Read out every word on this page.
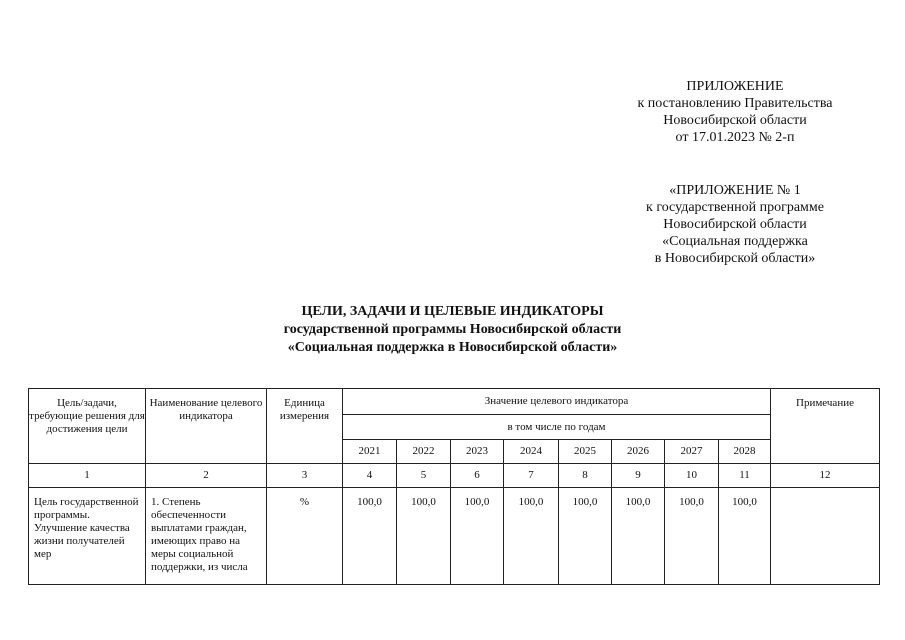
ПРИЛОЖЕНИЕ
к постановлению Правительства
Новосибирской области
от 17.01.2023 № 2-п
«ПРИЛОЖЕНИЕ № 1
к государственной программе
Новосибирской области
«Социальная поддержка
в Новосибирской области»
ЦЕЛИ, ЗАДАЧИ И ЦЕЛЕВЫЕ ИНДИКАТОРЫ
государственной программы Новосибирской области
«Социальная поддержка в Новосибирской области»
Цель/задачи, требующие решения для достижения цели	Наименование целевого индикатора	Единица измерения	Значение целевого индикатора								Примечание
			в том числе по годам								
			2021	2022	2023	2024	2025	2026	2027	2028	
1	2	3	4	5	6	7	8	9	10	11	12
Цель государственной программы. Улучшение качества жизни получателей мер	1. Степень обеспеченности выплатами граждан, имеющих право на меры социальной поддержки, из числа	%	100,0	100,0	100,0	100,0	100,0	100,0	100,0	100,0	
